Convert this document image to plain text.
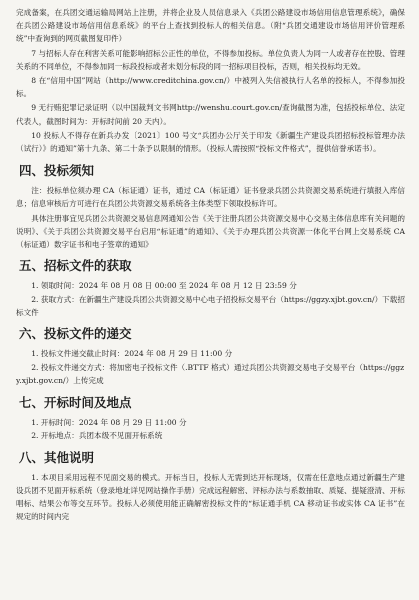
完成备案，在兵团交通运输局网站上注册，并将企业及人员信息录入《兵团公路建设市场信用信息管理系统》，确保在兵团公路建设市场信用信息系统》的平台上查找到投标人的相关信息。（附“兵团交通建设市场信用评价管理系统”中查询到的网页截图复印件）

7 与招标人存在利害关系可能影响招标公正性的单位，不得参加投标。单位负责人为同一人或者存在控股、管理关系的不同单位，不得参加同一标段投标或者未划分标段的同一招标项目投标，否则，相关投标均无效。

8 在“信用中国”网站（http://www.creditchina.gov.cn/）中被列入失信被执行人名单的投标人，不得参加投标。

9 无行贿犯罪记录证明（以中国裁判文书网http://wenshu.court.gov.cn/查询截图为准，包括投标单位、法定代表人，截图时间为：开标时间前 20 天内）。

10 投标人不得存在新兵办发〔2021〕100 号文“兵团办公厅关于印发《新疆生产建设兵团招标投标管理办法（试行）》的通知”第十九条、第二十条予以限制的情形。（投标人需按照“投标文件格式”，提供信誉承诺书）。

四、投标须知

注：投标单位须办理 CA（标证通）证书，通过 CA（标证通）证书登录兵团公共资源交易系统进行填报入库信息；信息审核后方可进行在兵团公共资源交易系统各主体类型下领取投标许可。

具体注册事宜见兵团公共资源交易信息网通知公告《关于注册兵团公共资源交易中心交易主体信息库有关问题的说明》、《关于兵团公共资源交易平台启用“标证通”的通知》、《关于办理兵团公共资源一体化平台网上交易系统 CA（标证通）数字证书和电子签章的通知》

五、招标文件的获取

1. 领取时间：2024 年 08 月 08 日 00:00 至 2024 年 08 月 12 日 23:59 分

2. 获取方式：在新疆生产建设兵团公共资源交易中心电子招投标交易平台（https://ggzy.xjbt.gov.cn/）下载招标文件

六、投标文件的递交

1. 投标文件递交截止时间：2024 年 08 月 29 日 11:00 分

2. 投标文件递交方式：将加密电子投标文件（.BTTF 格式）通过兵团公共资源交易电子交易平台（https://ggzy.xjbt.gov.cn/）上传完成

七、开标时间及地点

1. 开标时间：2024 年 08 月 29 日 11:00 分

2. 开标地点：兵团本级不见面开标系统

八、其他说明

1. 本项目采用远程不见面交易的模式。开标当日，投标人无需到达开标现场，仅需在任意地点通过新疆生产建设兵团不见面开标系统（登录地址详见网站操作手册）完成远程解密、评标办法与系数抽取、质疑、提疑澄清、开标唱标、结果公布等交互环节。投标人必须使用能正确解密投标文件的“标证通手机 CA 移动证书或实体 CA 证书”在规定的时间内完
